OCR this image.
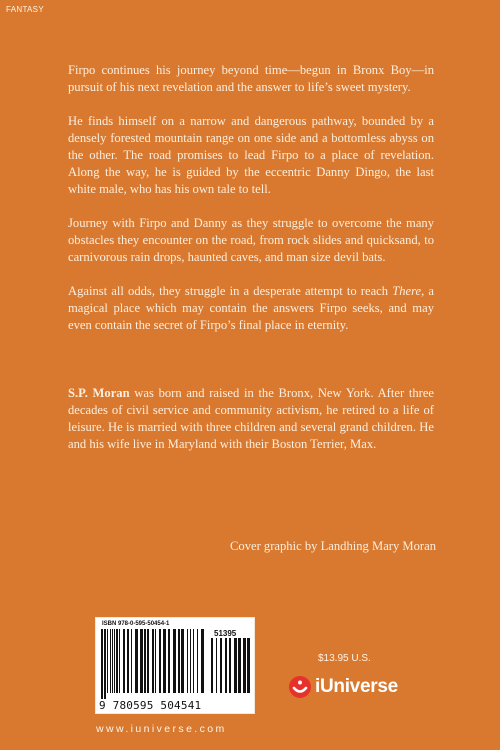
FANTASY

Firpo continues his journey beyond time—begun in Bronx Boy—in pursuit of his next revelation and the answer to life’s sweet mystery.

He finds himself on a narrow and dangerous pathway, bounded by a densely forested mountain range on one side and a bottomless abyss on the other. The road promises to lead Firpo to a place of revelation. Along the way, he is guided by the eccentric Danny Dingo, the last white male, who has his own tale to tell.

Journey with Firpo and Danny as they struggle to overcome the many obstacles they encounter on the road, from rock slides and quicksand, to carnivorous rain drops, haunted caves, and man size devil bats.

Against all odds, they struggle in a desperate attempt to reach There, a magical place which may contain the answers Firpo seeks, and may even contain the secret of Firpo’s final place in eternity.

S.P. Moran was born and raised in the Bronx, New York. After three decades of civil service and community activism, he retired to a life of leisure. He is married with three children and several grand children. He and his wife live in Maryland with their Boston Terrier, Max.
Cover graphic by Landhing Mary Moran
ISBN 978-0-595-50454-1
51395
9 780595 504541
www.iuniverse.com
$13.95 U.S.
iUniverse
